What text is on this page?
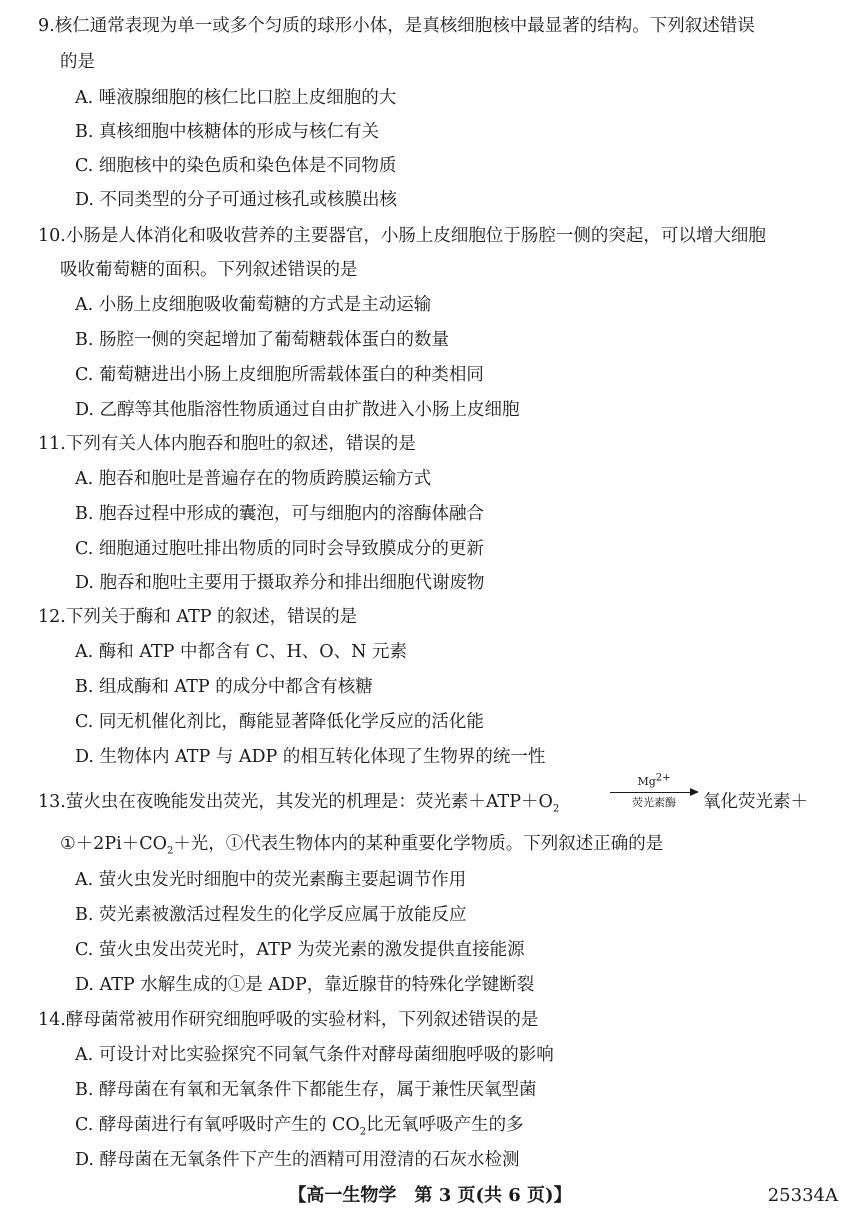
9.核仁通常表现为单一或多个匀质的球形小体，是真核细胞核中最显著的结构。下列叙述错误
的是
A. 唾液腺细胞的核仁比口腔上皮细胞的大
B. 真核细胞中核糖体的形成与核仁有关
C. 细胞核中的染色质和染色体是不同物质
D. 不同类型的分子可通过核孔或核膜出核
10.小肠是人体消化和吸收营养的主要器官，小肠上皮细胞位于肠腔一侧的突起，可以增大细胞
吸收葡萄糖的面积。下列叙述错误的是
A. 小肠上皮细胞吸收葡萄糖的方式是主动运输
B. 肠腔一侧的突起增加了葡萄糖载体蛋白的数量
C. 葡萄糖进出小肠上皮细胞所需载体蛋白的种类相同
D. 乙醇等其他脂溶性物质通过自由扩散进入小肠上皮细胞
11.下列有关人体内胞吞和胞吐的叙述，错误的是
A. 胞吞和胞吐是普遍存在的物质跨膜运输方式
B. 胞吞过程中形成的囊泡，可与细胞内的溶酶体融合
C. 细胞通过胞吐排出物质的同时会导致膜成分的更新
D. 胞吞和胞吐主要用于摄取养分和排出细胞代谢废物
12.下列关于酶和 ATP 的叙述，错误的是
A. 酶和 ATP 中都含有 C、H、O、N 元素
B. 组成酶和 ATP 的成分中都含有核糖
C. 同无机催化剂比，酶能显著降低化学反应的活化能
D. 生物体内 ATP 与 ADP 的相互转化体现了生物界的统一性
13.萤火虫在夜晚能发出荧光，其发光的机理是：荧光素$+ATP+O_2$
$Mg^{2+}$
荧光素酶	氧化荧光素＋
$①+2Pi+CO_2+$光，①代表生物体内的某种重要化学物质。下列叙述正确的是
A. 萤火虫发光时细胞中的荧光素酶主要起调节作用
B. 荧光素被激活过程发生的化学反应属于放能反应
C. 萤火虫发出荧光时，ATP 为荧光素的激发提供直接能源
D. ATP 水解生成的①是 ADP，靠近腺苷的特殊化学键断裂
14.酵母菌常被用作研究细胞呼吸的实验材料，下列叙述错误的是
A. 可设计对比实验探究不同氧气条件对酵母菌细胞呼吸的影响
B. 酵母菌在有氧和无氧条件下都能生存，属于兼性厌氧型菌
C. 酵母菌进行有氧呼吸时产生的 $CO_2$比无氧呼吸产生的多
D. 酵母菌在无氧条件下产生的酒精可用澄清的石灰水检测
【高一生物学　第 3 页(共 6 页)】	25334A
